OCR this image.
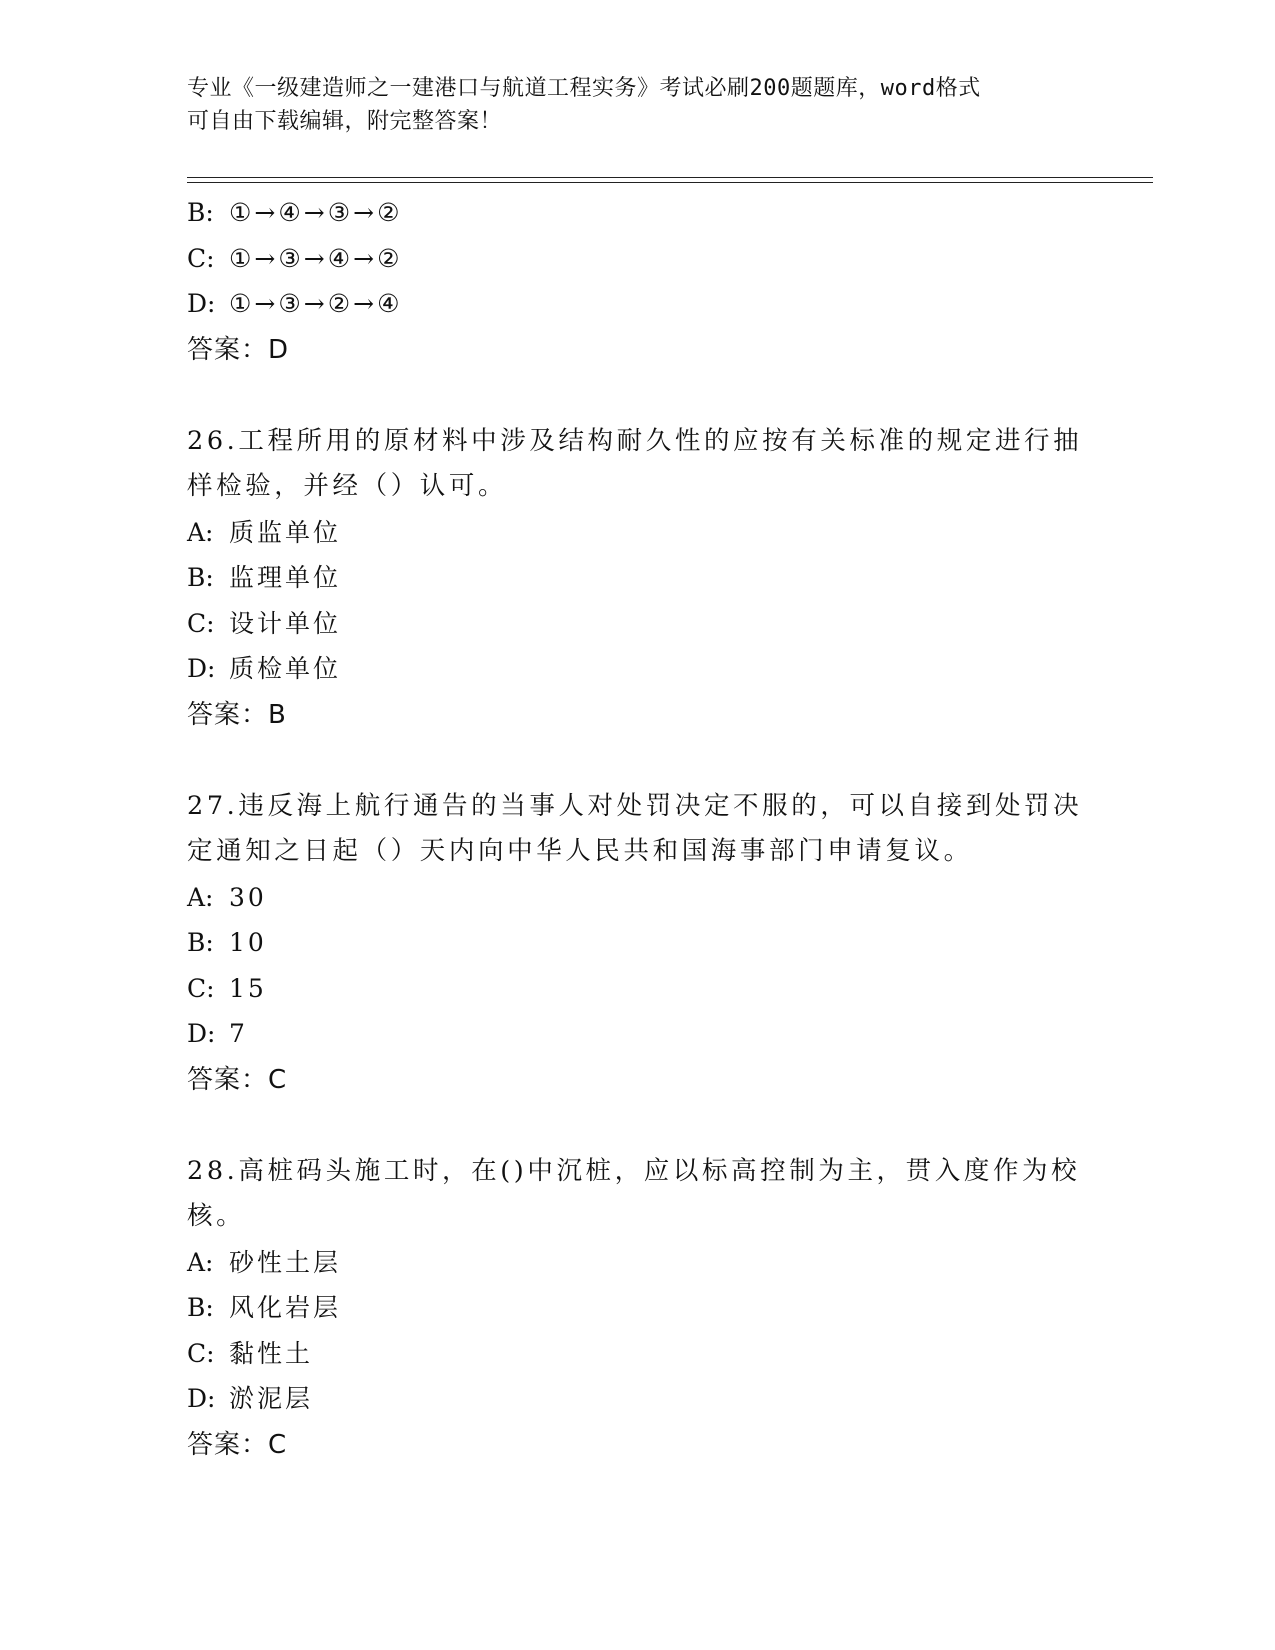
专业《一级建造师之一建港口与航道工程实务》考试必刷200题题库，word格式
可自由下载编辑，附完整答案！
B: ①→④→③→②
C: ①→③→④→②
D: ①→③→②→④
答案：D
26.工程所用的原材料中涉及结构耐久性的应按有关标准的规定进行抽
样检验，并经（）认可。
A: 质监单位
B: 监理单位
C: 设计单位
D: 质检单位
答案：B
27.违反海上航行通告的当事人对处罚决定不服的，可以自接到处罚决
定通知之日起（）天内向中华人民共和国海事部门申请复议。
A: 30
B: 10
C: 15
D: 7
答案：C
28.高桩码头施工时，在()中沉桩，应以标高控制为主，贯入度作为校
核。
A: 砂性土层
B: 风化岩层
C: 黏性土
D: 淤泥层
答案：C
